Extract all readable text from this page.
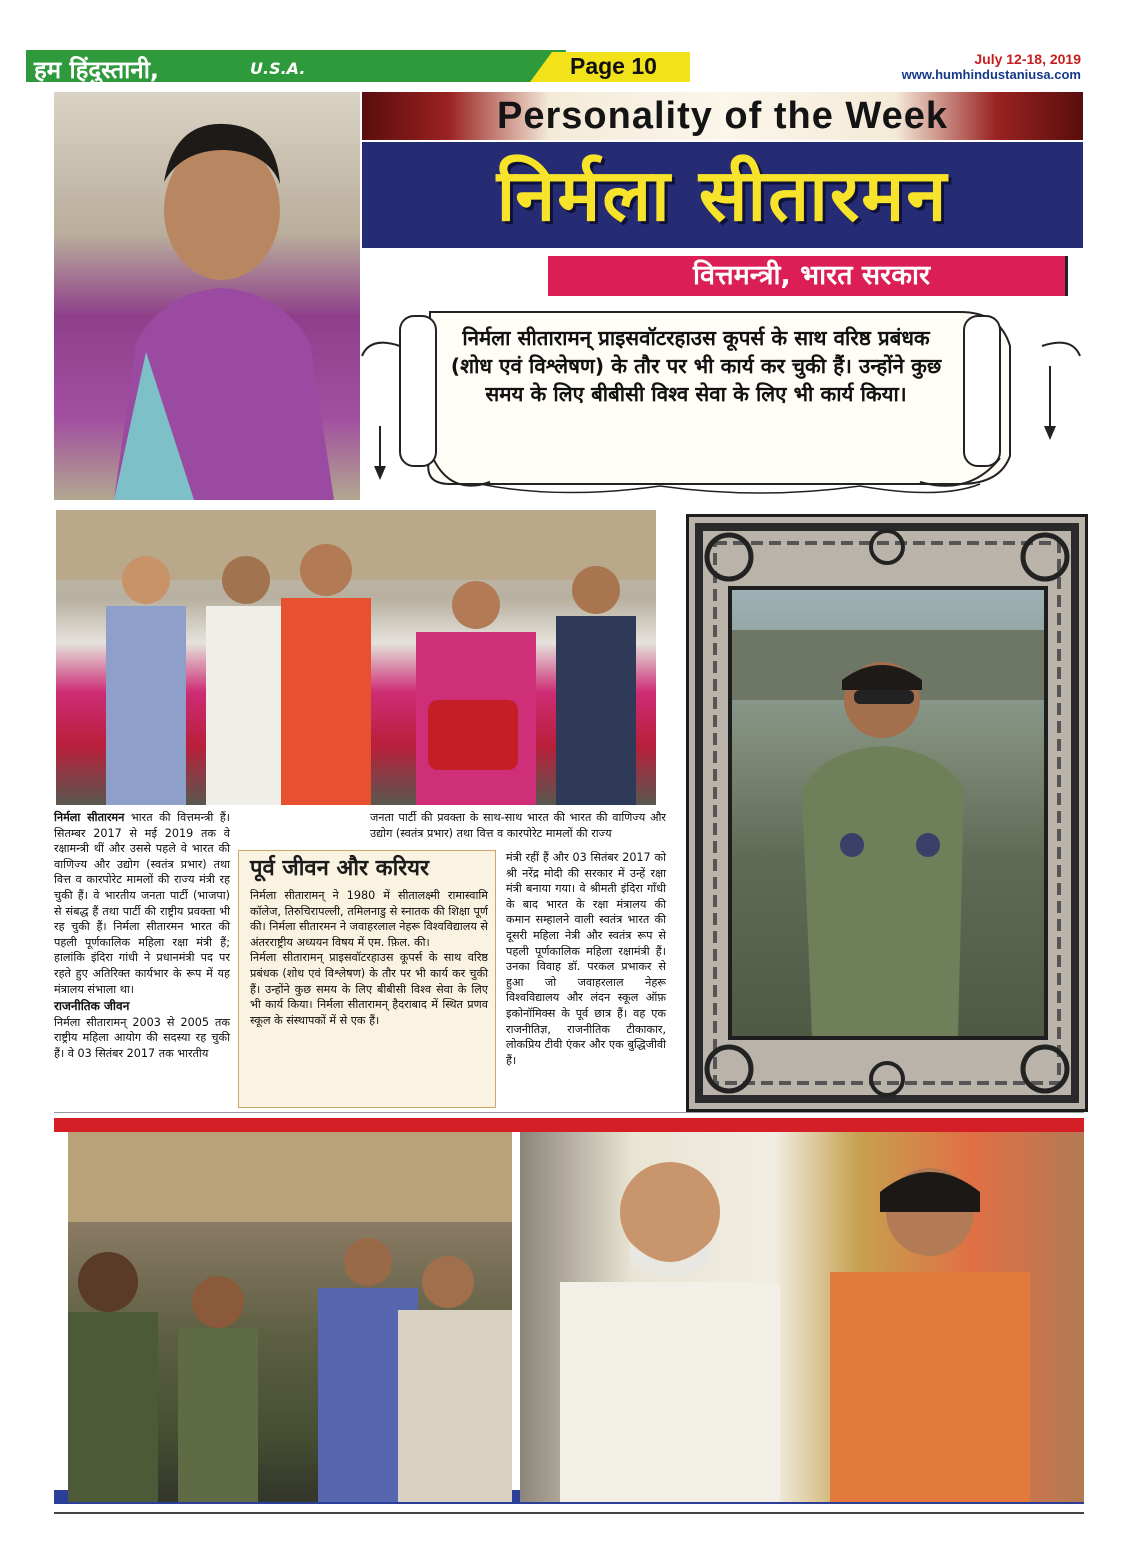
हम हिंदुस्तानी,	U.S.A.	Page 10	July 12-18, 2019
www.humhindustaniusa.com
Personality of the Week
निर्मला सीतारमन
वित्तमन्त्री, भारत सरकार
निर्मला सीतारामन् प्राइसवॉटरहाउस कूपर्स के साथ वरिष्ठ प्रबंधक (शोध एवं विश्लेषण) के तौर पर भी कार्य कर चुकी हैं। उन्होंने कुछ समय के लिए बीबीसी विश्व सेवा के लिए भी कार्य किया।
निर्मला सीतारमन भारत की वित्तमन्त्री हैं। सितम्बर 2017 से मई 2019 तक वे रक्षामन्त्री थीं और उससे पहले वे भारत की वाणिज्य और उद्योग (स्वतंत्र प्रभार) तथा वित्त व कारपोरेट मामलों की राज्य मंत्री रह चुकी हैं। वे भारतीय जनता पार्टी (भाजपा) से संबद्ध हैं तथा पार्टी की राष्ट्रीय प्रवक्ता भी रह चुकी हैं। निर्मला सीतारमन भारत की पहली पूर्णकालिक महिला रक्षा मंत्री हैं; हालांकि इंदिरा गांधी ने प्रधानमंत्री पद पर रहते हुए अतिरिक्त कार्यभार के रूप में यह मंत्रालय संभाला था।
राजनीतिक जीवन
निर्मला सीतारामन् 2003 से 2005 तक राष्ट्रीय महिला आयोग की सदस्या रह चुकी हैं। वे 03 सितंबर 2017 तक भारतीय
जनता पार्टी की प्रवक्ता के साथ-साथ भारत की भारत की वाणिज्य और उद्योग (स्वतंत्र प्रभार) तथा वित्त व कारपोरेट मामलों की राज्य
मंत्री रहीं हैं और 03 सितंबर 2017 को श्री नरेंद्र मोदी की सरकार में उन्हें रक्षा मंत्री बनाया गया। वे श्रीमती इंदिरा गाँधी के बाद भारत के रक्षा मंत्रालय की कमान सम्हालने वाली स्वतंत्र भारत की दूसरी महिला नेत्री और स्वतंत्र रूप से पहली पूर्णकालिक महिला रक्षामंत्री हैं। उनका विवाह डॉ. परकल प्रभाकर से हुआ जो जवाहरलाल नेहरू विश्वविद्यालय और लंदन स्कूल ऑफ़ इकोनॉमिक्स के पूर्व छात्र हैं। वह एक राजनीतिज्ञ, राजनीतिक टीकाकार, लोकप्रिय टीवी एंकर और एक बुद्धिजीवी हैं।
पूर्व जीवन और करियर
निर्मला सीतारामन् ने 1980 में सीतालक्ष्मी रामास्वामि कॉलेज, तिरुचिरापल्ली, तमिलनाडु से स्नातक की शिक्षा पूर्ण की। निर्मला सीतारमन ने जवाहरलाल नेहरू विश्वविद्यालय से अंतरराष्ट्रीय अध्ययन विषय में एम. फ़िल. की।
निर्मला सीतारामन् प्राइसवॉटरहाउस कूपर्स के साथ वरिष्ठ प्रबंधक (शोध एवं विश्लेषण) के तौर पर भी कार्य कर चुकी हैं। उन्होंने कुछ समय के लिए बीबीसी विश्व सेवा के लिए भी कार्य किया। निर्मला सीतारामन् हैदराबाद में स्थित प्रणव स्कूल के संस्थापकों में से एक हैं।
